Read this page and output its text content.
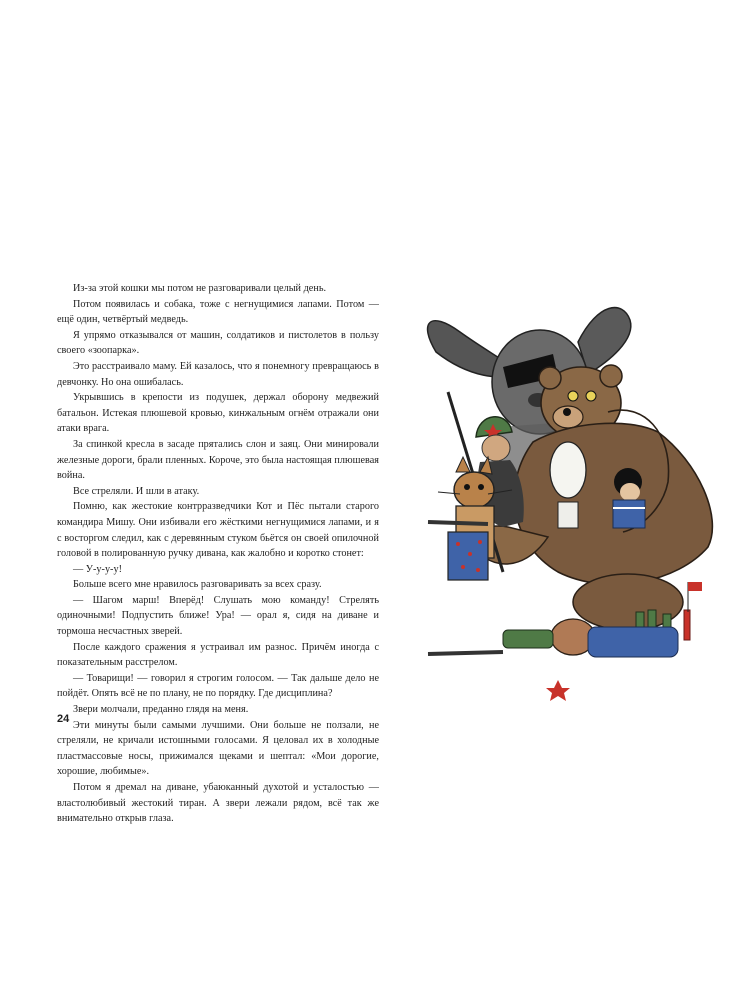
Из-за этой кошки мы потом не разговаривали целый день.

Потом появилась и собака, тоже с негнущимися лапами. Потом — ещё один, четвёртый медведь.

Я упрямо отказывался от машин, солдатиков и пистолетов в пользу своего «зоопарка».

Это расстраивало маму. Ей казалось, что я понемногу превращаюсь в девчонку. Но она ошибалась.

Укрывшись в крепости из подушек, держал оборону медвежий батальон. Истекая плюшевой кровью, кинжальным огнём отражали они атаки врага.

За спинкой кресла в засаде прятались слон и заяц. Они минировали железные дороги, брали пленных. Короче, это была настоящая плюшевая война.

Все стреляли. И шли в атаку.

Помню, как жестокие контрразведчики Кот и Пёс пытали старого командира Мишу. Они избивали его жёсткими негнущимися лапами, и я с восторгом следил, как с деревянным стуком бьётся он своей опилочной головой в полированную ручку дивана, как жалобно и коротко стонет:

— У-у-у-у!

Больше всего мне нравилось разговаривать за всех сразу.

— Шагом марш! Вперёд! Слушать мою команду! Стрелять одиночными! Подпустить ближе! Ура! — орал я, сидя на диване и тормоша несчастных зверей.

После каждого сражения я устраивал им разнос. Причём иногда с показательным расстрелом.

— Товарищи! — говорил я строгим голосом. — Так дальше дело не пойдёт. Опять всё не по плану, не по порядку. Где дисциплина?

Звери молчали, преданно глядя на меня.

Эти минуты были самыми лучшими. Они больше не ползали, не стреляли, не кричали истошными голосами. Я целовал их в холодные пластмассовые носы, прижимался щеками и шептал: «Мои дорогие, хорошие, любимые».

Потом я дремал на диване, убаюканный духотой и усталостью — властолюбивый жестокий тиран. А звери лежали рядом, всё так же внимательно открыв глаза.

24
